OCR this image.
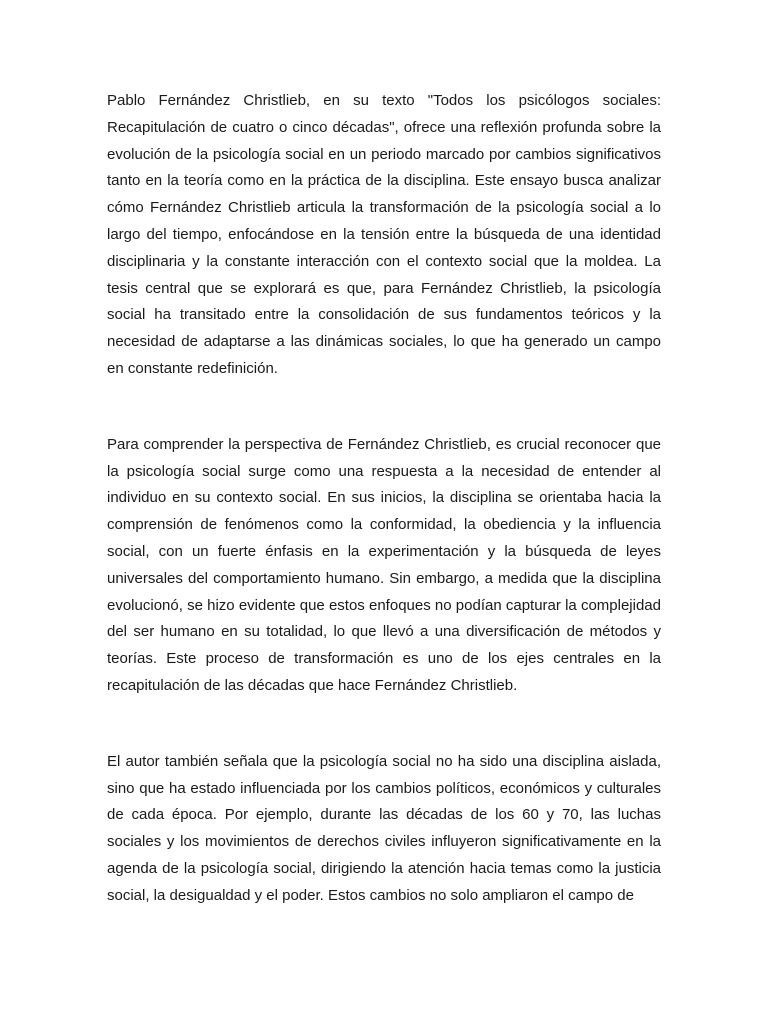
Pablo Fernández Christlieb, en su texto "Todos los psicólogos sociales: Recapitulación de cuatro o cinco décadas", ofrece una reflexión profunda sobre la evolución de la psicología social en un periodo marcado por cambios significativos tanto en la teoría como en la práctica de la disciplina. Este ensayo busca analizar cómo Fernández Christlieb articula la transformación de la psicología social a lo largo del tiempo, enfocándose en la tensión entre la búsqueda de una identidad disciplinaria y la constante interacción con el contexto social que la moldea. La tesis central que se explorará es que, para Fernández Christlieb, la psicología social ha transitado entre la consolidación de sus fundamentos teóricos y la necesidad de adaptarse a las dinámicas sociales, lo que ha generado un campo en constante redefinición.

Para comprender la perspectiva de Fernández Christlieb, es crucial reconocer que la psicología social surge como una respuesta a la necesidad de entender al individuo en su contexto social. En sus inicios, la disciplina se orientaba hacia la comprensión de fenómenos como la conformidad, la obediencia y la influencia social, con un fuerte énfasis en la experimentación y la búsqueda de leyes universales del comportamiento humano. Sin embargo, a medida que la disciplina evolucionó, se hizo evidente que estos enfoques no podían capturar la complejidad del ser humano en su totalidad, lo que llevó a una diversificación de métodos y teorías. Este proceso de transformación es uno de los ejes centrales en la recapitulación de las décadas que hace Fernández Christlieb.

El autor también señala que la psicología social no ha sido una disciplina aislada, sino que ha estado influenciada por los cambios políticos, económicos y culturales de cada época. Por ejemplo, durante las décadas de los 60 y 70, las luchas sociales y los movimientos de derechos civiles influyeron significativamente en la agenda de la psicología social, dirigiendo la atención hacia temas como la justicia social, la desigualdad y el poder. Estos cambios no solo ampliaron el campo de
